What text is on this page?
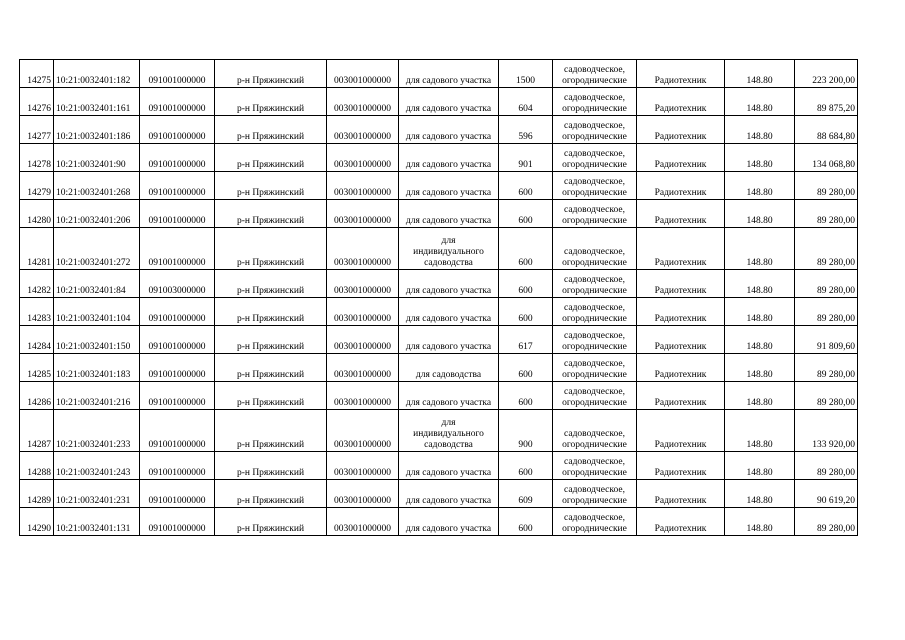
14275	10:21:0032401:182	091001000000	р-н Пряжинский	003001000000	для садового участка	1500	садоводческое,
огороднические	Радиотехник	148.80	223 200,00
14276	10:21:0032401:161	091001000000	р-н Пряжинский	003001000000	для садового участка	604	садоводческое,
огороднические	Радиотехник	148.80	89 875,20
14277	10:21:0032401:186	091001000000	р-н Пряжинский	003001000000	для садового участка	596	садоводческое,
огороднические	Радиотехник	148.80	88 684,80
14278	10:21:0032401:90	091001000000	р-н Пряжинский	003001000000	для садового участка	901	садоводческое,
огороднические	Радиотехник	148.80	134 068,80
14279	10:21:0032401:268	091001000000	р-н Пряжинский	003001000000	для садового участка	600	садоводческое,
огороднические	Радиотехник	148.80	89 280,00
14280	10:21:0032401:206	091001000000	р-н Пряжинский	003001000000	для садового участка	600	садоводческое,
огороднические	Радиотехник	148.80	89 280,00
14281	10:21:0032401:272	091001000000	р-н Пряжинский	003001000000	для
индивидуального
садоводства	600	садоводческое,
огороднические	Радиотехник	148.80	89 280,00
14282	10:21:0032401:84	091003000000	р-н Пряжинский	003001000000	для садового участка	600	садоводческое,
огороднические	Радиотехник	148.80	89 280,00
14283	10:21:0032401:104	091001000000	р-н Пряжинский	003001000000	для садового участка	600	садоводческое,
огороднические	Радиотехник	148.80	89 280,00
14284	10:21:0032401:150	091001000000	р-н Пряжинский	003001000000	для садового участка	617	садоводческое,
огороднические	Радиотехник	148.80	91 809,60
14285	10:21:0032401:183	091001000000	р-н Пряжинский	003001000000	для садоводства	600	садоводческое,
огороднические	Радиотехник	148.80	89 280,00
14286	10:21:0032401:216	091001000000	р-н Пряжинский	003001000000	для садового участка	600	садоводческое,
огороднические	Радиотехник	148.80	89 280,00
14287	10:21:0032401:233	091001000000	р-н Пряжинский	003001000000	для
индивидуального
садоводства	900	садоводческое,
огороднические	Радиотехник	148.80	133 920,00
14288	10:21:0032401:243	091001000000	р-н Пряжинский	003001000000	для садового участка	600	садоводческое,
огороднические	Радиотехник	148.80	89 280,00
14289	10:21:0032401:231	091001000000	р-н Пряжинский	003001000000	для садового участка	609	садоводческое,
огороднические	Радиотехник	148.80	90 619,20
14290	10:21:0032401:131	091001000000	р-н Пряжинский	003001000000	для садового участка	600	садоводческое,
огороднические	Радиотехник	148.80	89 280,00
